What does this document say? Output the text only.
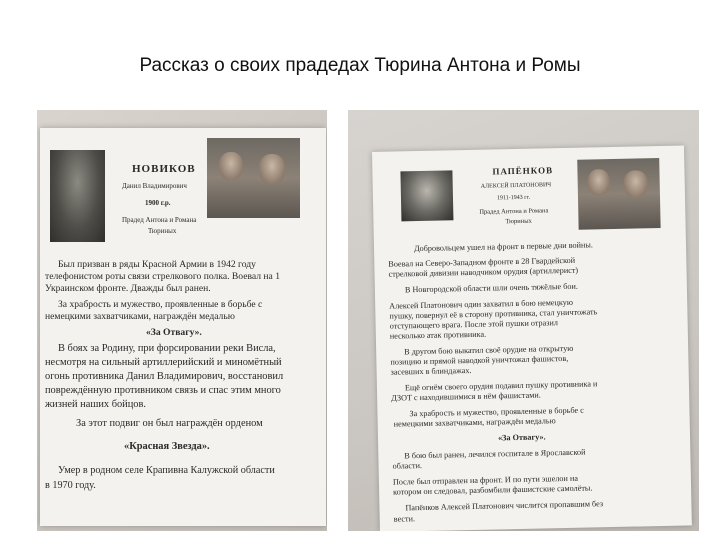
Рассказ о своих прадедах Тюрина Антона и Ромы
НОВИКОВ
Данил Владимирович
1900 г.р.
Прадед Антона и Романа
Тюриных
Был призван в ряды Красной Армии в 1942 году
телефонистом роты связи стрелкового полка. Воевал на 1
Украинском фронте. Дважды был ранен.
За храбрость и мужество, проявленные в борьбе с
немецкими захватчиками, награждён медалью
«За Отвагу».
В боях за Родину, при форсировании реки Висла,
несмотря на сильный артиллерийский и миномётный
огонь противника Данил Владимирович, восстановил
повреждённую противником связь и спас этим много
жизней наших бойцов.
За этот подвиг он был награждён орденом
«Красная Звезда».
Умер в родном селе Крапивна Калужской области
в 1970 году.
ПАПЁНКОВ
АЛЕКСЕЙ ПЛАТОНОВИЧ
1911-1943 гг.
Прадед Антона и Романа
Тюриных
Добровольцем ушел на фронт в первые дни войны.
Воевал на Северо-Западном фронте в 28 Гвардейской
стрелковой дивизии наводчиком орудия (артиллерист)
В Новгородской области шли очень тяжёлые бои.
Алексей Платонович один захватил в бою немецкую
пушку, повернул её в сторону противника, стал уничтожать
отступающего врага. После этой пушки отразил
несколько атак противника.
В другом бою выкатил своё орудие на открытую
позицию и прямой наводкой уничтожал фашистов,
засевших в блиндажах.
Ещё огнём своего орудия подавил пушку противника и
ДЗОТ с находившимися в нём фашистами.
За храбрость и мужество, проявленные в борьбе с
немецкими захватчиками, награждён медалью
«За Отвагу».
В бою был ранен, лечился госпитале в Ярославской
области.
После был отправлен на фронт. И по пути эшелон на
котором он следовал, разбомбили фашистские самолёты.
Папёнков Алексей Платонович числится пропавшим без
вести.
